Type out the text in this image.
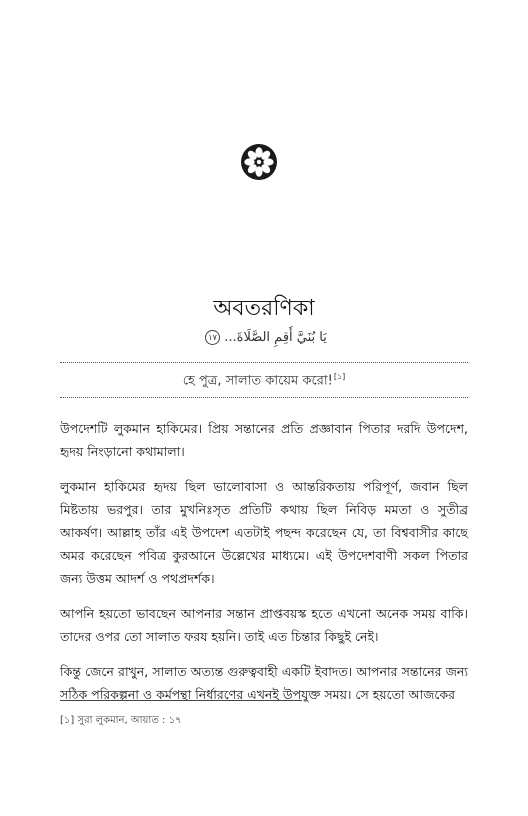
অবতরণিকা
يَا بُنَيَّ أَقِمِ الصَّلَاةَ... ١٧
হে পুত্র, সালাত কায়েম করো![১]

উপদেশটি লুকমান হাকিমের। প্রিয় সন্তানের প্রতি প্রজ্ঞাবান পিতার দরদি উপদেশ, হৃদয় নিংড়ানো কথামালা।

লুকমান হাকিমের হৃদয় ছিল ভালোবাসা ও আন্তরিকতায় পরিপূর্ণ, জবান ছিল মিষ্টতায় ভরপুর। তার মুখনিঃসৃত প্রতিটি কথায় ছিল নিবিড় মমতা ও সুতীব্র আকর্ষণ। আল্লাহ তাঁর এই উপদেশ এতটাই পছন্দ করেছেন যে, তা বিশ্ববাসীর কাছে অমর করেছেন পবিত্র কুরআনে উল্লেখের মাধ্যমে। এই উপদেশবাণী সকল পিতার জন্য উত্তম আদর্শ ও পথপ্রদর্শক।

আপনি হয়তো ভাবছেন আপনার সন্তান প্রাপ্তবয়স্ক হতে এখনো অনেক সময় বাকি। তাদের ওপর তো সালাত ফরয হয়নি। তাই এত চিন্তার কিছুই নেই।

কিন্তু জেনে রাখুন, সালাত অত্যন্ত গুরুত্ববাহী একটি ইবাদত। আপনার সন্তানের জন্য সঠিক পরিকল্পনা ও কর্মপন্থা নির্ধারণের এখনই উপযুক্ত সময়। সে হয়তো আজকের

[১] সুরা লুকমান, আয়াত : ১৭
